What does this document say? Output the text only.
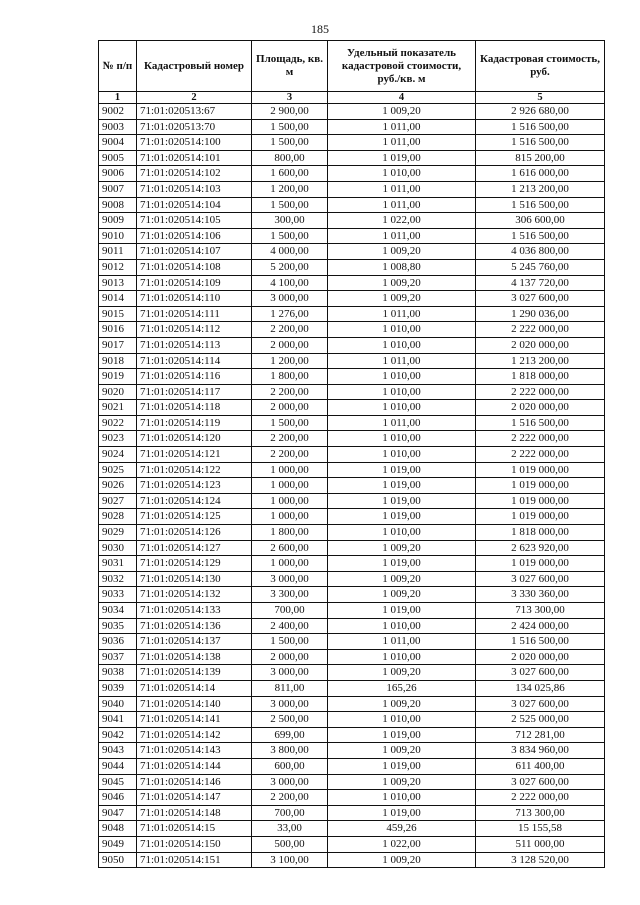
185
№ п/п	Кадастровый номер	Площадь, кв. м	Удельный показатель кадастровой стоимости, руб./кв. м	Кадастровая стоимость, руб.
1	2	3	4	5
9002	71:01:020513:67	2 900,00	1 009,20	2 926 680,00
9003	71:01:020513:70	1 500,00	1 011,00	1 516 500,00
9004	71:01:020514:100	1 500,00	1 011,00	1 516 500,00
9005	71:01:020514:101	800,00	1 019,00	815 200,00
9006	71:01:020514:102	1 600,00	1 010,00	1 616 000,00
9007	71:01:020514:103	1 200,00	1 011,00	1 213 200,00
9008	71:01:020514:104	1 500,00	1 011,00	1 516 500,00
9009	71:01:020514:105	300,00	1 022,00	306 600,00
9010	71:01:020514:106	1 500,00	1 011,00	1 516 500,00
9011	71:01:020514:107	4 000,00	1 009,20	4 036 800,00
9012	71:01:020514:108	5 200,00	1 008,80	5 245 760,00
9013	71:01:020514:109	4 100,00	1 009,20	4 137 720,00
9014	71:01:020514:110	3 000,00	1 009,20	3 027 600,00
9015	71:01:020514:111	1 276,00	1 011,00	1 290 036,00
9016	71:01:020514:112	2 200,00	1 010,00	2 222 000,00
9017	71:01:020514:113	2 000,00	1 010,00	2 020 000,00
9018	71:01:020514:114	1 200,00	1 011,00	1 213 200,00
9019	71:01:020514:116	1 800,00	1 010,00	1 818 000,00
9020	71:01:020514:117	2 200,00	1 010,00	2 222 000,00
9021	71:01:020514:118	2 000,00	1 010,00	2 020 000,00
9022	71:01:020514:119	1 500,00	1 011,00	1 516 500,00
9023	71:01:020514:120	2 200,00	1 010,00	2 222 000,00
9024	71:01:020514:121	2 200,00	1 010,00	2 222 000,00
9025	71:01:020514:122	1 000,00	1 019,00	1 019 000,00
9026	71:01:020514:123	1 000,00	1 019,00	1 019 000,00
9027	71:01:020514:124	1 000,00	1 019,00	1 019 000,00
9028	71:01:020514:125	1 000,00	1 019,00	1 019 000,00
9029	71:01:020514:126	1 800,00	1 010,00	1 818 000,00
9030	71:01:020514:127	2 600,00	1 009,20	2 623 920,00
9031	71:01:020514:129	1 000,00	1 019,00	1 019 000,00
9032	71:01:020514:130	3 000,00	1 009,20	3 027 600,00
9033	71:01:020514:132	3 300,00	1 009,20	3 330 360,00
9034	71:01:020514:133	700,00	1 019,00	713 300,00
9035	71:01:020514:136	2 400,00	1 010,00	2 424 000,00
9036	71:01:020514:137	1 500,00	1 011,00	1 516 500,00
9037	71:01:020514:138	2 000,00	1 010,00	2 020 000,00
9038	71:01:020514:139	3 000,00	1 009,20	3 027 600,00
9039	71:01:020514:14	811,00	165,26	134 025,86
9040	71:01:020514:140	3 000,00	1 009,20	3 027 600,00
9041	71:01:020514:141	2 500,00	1 010,00	2 525 000,00
9042	71:01:020514:142	699,00	1 019,00	712 281,00
9043	71:01:020514:143	3 800,00	1 009,20	3 834 960,00
9044	71:01:020514:144	600,00	1 019,00	611 400,00
9045	71:01:020514:146	3 000,00	1 009,20	3 027 600,00
9046	71:01:020514:147	2 200,00	1 010,00	2 222 000,00
9047	71:01:020514:148	700,00	1 019,00	713 300,00
9048	71:01:020514:15	33,00	459,26	15 155,58
9049	71:01:020514:150	500,00	1 022,00	511 000,00
9050	71:01:020514:151	3 100,00	1 009,20	3 128 520,00
